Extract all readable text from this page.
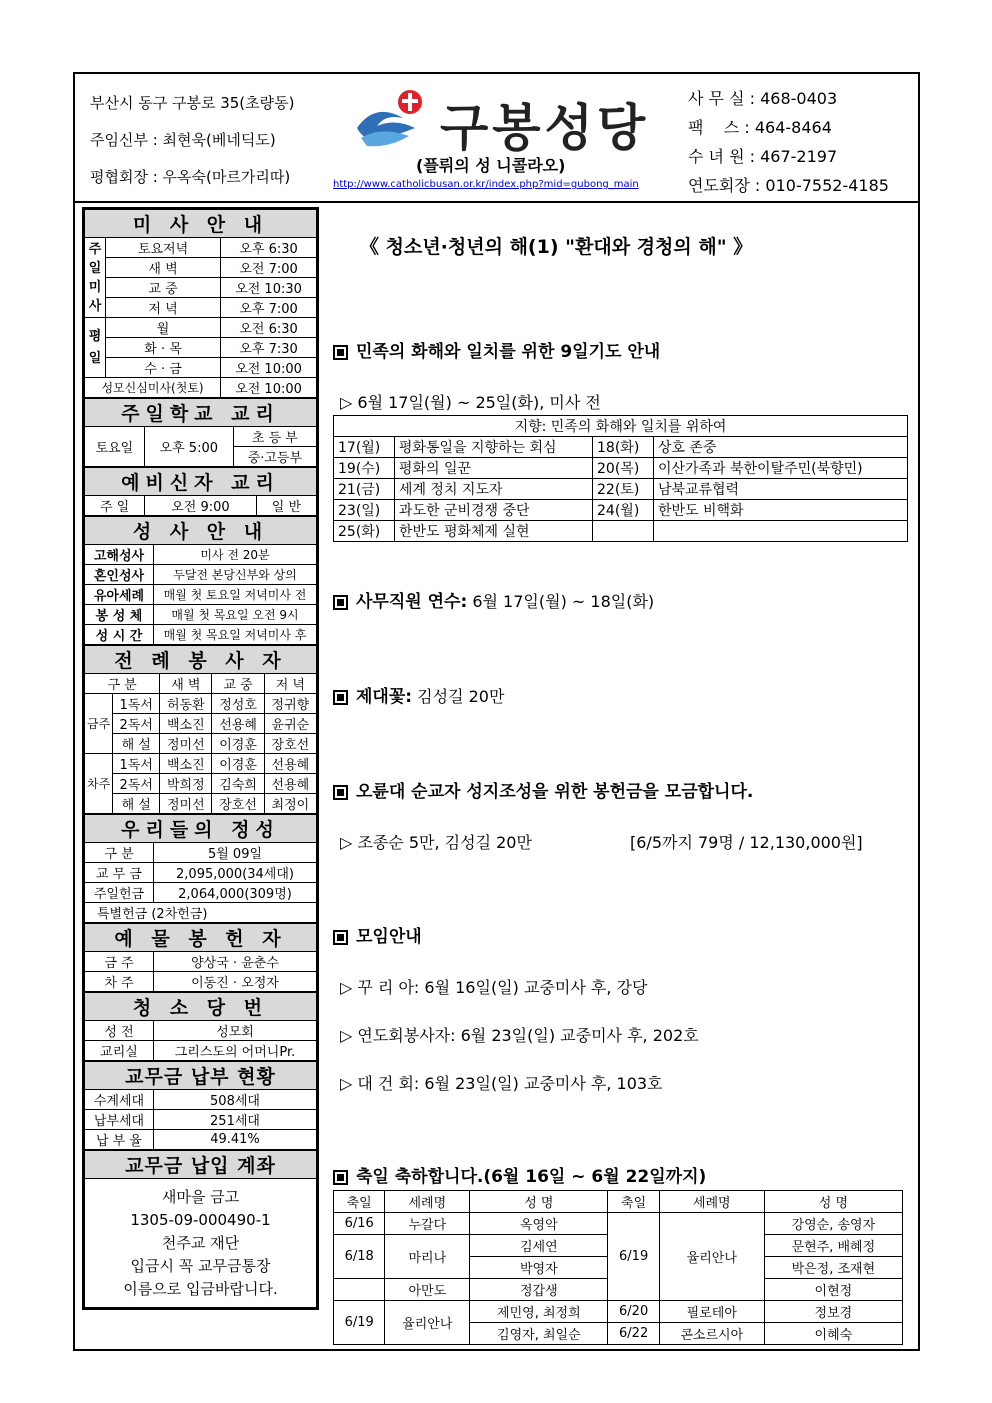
부산시 동구 구봉로 35(초량동)
주임신부 : 최현욱(베네딕도)
평협회장 : 우옥숙(마르가리따)
구봉성당
(플뤼의 성 니콜라오)
http://www.catholicbusan.or.kr/index.php?mid=gubong_main
사 무 실 : 468-0403
팩    스 : 464-8464
수 녀 원 : 467-2197
연도회장 : 010-7552-4185
미 사 안 내		
주
일
미
사	토요저녁	오후 6:30
	새 벽	오전 7:00
	교 중	오전 10:30
	저 녁	오후 7:00
평
일	월	오전 6:30
	화 · 목	오후 7:30
	수 · 금	오전 10:00
성모신심미사(첫토)		오전 10:00
주일학교 교리
토요일	오후 5:00	초 등 부
중·고등부
예비신자 교리
주 일	오전 9:00	일 반
성 사 안 내	
고해성사	미사 전 20분
혼인성사	두달전 본당신부와 상의
유아세례	매월 첫 토요일 저녁미사 전
봉 성 체	매월 첫 목요일 오전 9시
성 시 간	매월 첫 목요일 저녁미사 후
전 례 봉 사 자				
구 분		새 벽	교 중	저 녁
금주	1독서	허동환	정성호	정귀향
	2독서	백소진	선용혜	윤귀순
	해 설	정미선	이경훈	장호선
차주	1독서	백소진	이경훈	선용혜
	2독서	박희정	김숙희	선용혜
	해 설	정미선	장호선	최정이
우리들의 정성	
구 분	5월 09일
교 무 금	2,095,000(34세대)
주일헌금	2,064,000(309명)
특별헌금 (2차헌금)	
예 물 봉 헌 자	
금 주	양상국 · 윤춘수
차 주	이동진 · 오정자
청 소 당 번	
성 전	성모회
교리실	그리스도의 어머니Pr.
교무금 납부 현황	
수계세대	508세대
납부세대	251세대
납 부 율	49.41%
교무금 납입 계좌

새마을 금고
1305-09-000490-1
천주교 재단
입금시 꼭 교무금통장
이름으로 입금바랍니다.
《 청소년·청년의 해(1) "환대와 경청의 해" 》
민족의 화해와 일치를 위한 9일기도 안내
▷ 6월 17일(월) ~ 25일(화), 미사 전
지향: 민족의 화해와 일치를 위하여			
17(월)	평화통일을 지향하는 회심	18(화)	상호 존중
19(수)	평화의 일꾼	20(목)	이산가족과 북한이탈주민(북향민)
21(금)	세계 정치 지도자	22(토)	남북교류협력
23(일)	과도한 군비경쟁 중단	24(월)	한반도 비핵화
25(화)	한반도 평화체제 실현		
사무직원 연수: 6월 17일(월) ~ 18일(화)
제대꽃: 김성길 20만
오륜대 순교자 성지조성을 위한 봉헌금을 모금합니다.
▷ 조종순 5만, 김성길 20만	[6/5까지 79명 / 12,130,000원]
모임안내
▷ 꾸 리 아: 6월 16일(일) 교중미사 후, 강당
▷ 연도회봉사자: 6월 23일(일) 교중미사 후, 202호
▷ 대 건 회: 6월 23일(일) 교중미사 후, 103호
축일 축하합니다.(6월 16일 ~ 6월 22일까지)
축일	세례명	성 명	축일	세례명	성 명
6/16	누갈다	옥영악	6/19	율리안나	강영순, 송영자
6/18	마리나	김세연			문현주, 배혜정
		박영자			박은정, 조재현
	아만도	정갑생			이현정
6/19	율리안나	제민영, 최정희	6/20	필로테아	정보경
		김영자, 최일순	6/22	콘소르시아	이혜숙
